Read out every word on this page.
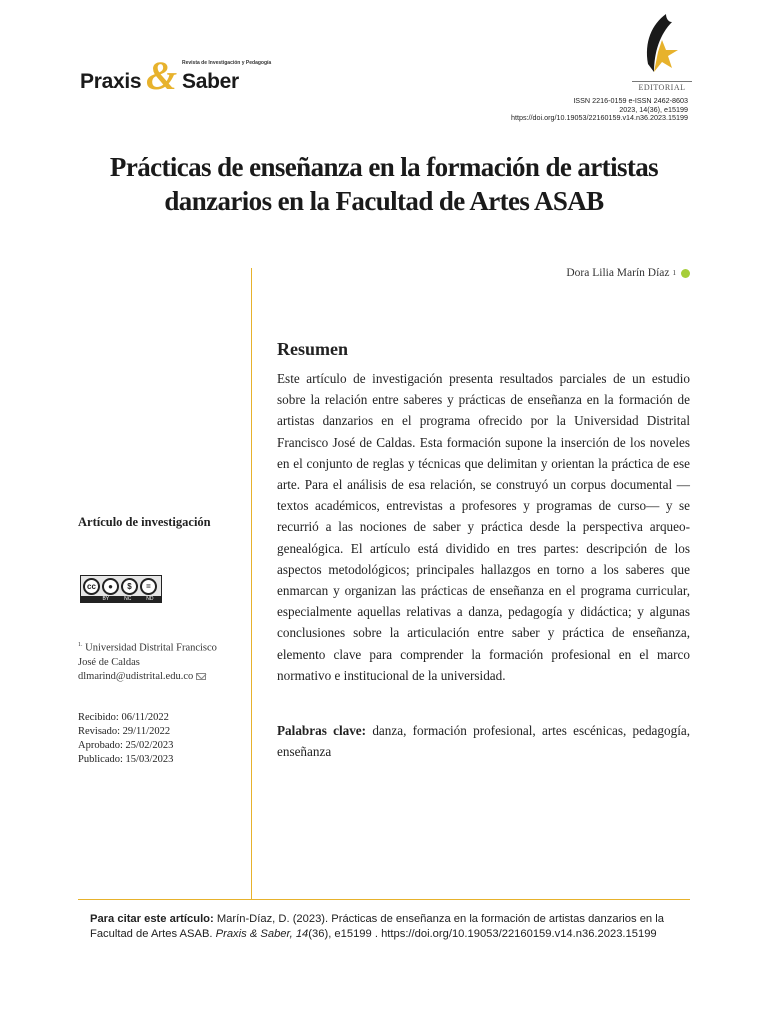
Praxis & Revista de Investigación y Pedagogía
Saber	EDITORIAL
ISSN 2216-0159 e-ISSN 2462-8603
2023, 14(36), e15199
https://doi.org/10.19053/22160159.v14.n36.2023.15199
Prácticas de enseñanza en la formación de artistas
danzarios en la Facultad de Artes ASAB
Dora Lilia Marín Díaz 1
Artículo de investigación
cc	●	$	=
BY	NC	ND
$^{1.}$ Universidad Distrital Francisco
José de Caldas
dlmarind@udistrital.edu.co
Recibido: 06/11/2022
Revisado: 29/11/2022
Aprobado: 25/02/2023
Publicado: 15/03/2023
Resumen

Este artículo de investigación presenta resultados parciales de un estudio sobre la relación entre saberes y prácticas de enseñanza en la formación de artistas danzarios en el programa ofrecido por la Universidad Distrital Francisco José de Caldas. Esta formación supone la inserción de los noveles en el conjunto de reglas y técnicas que delimitan y orientan la práctica de ese arte. Para el análisis de esa relación, se construyó un corpus documental —textos académicos, entrevistas a profesores y programas de curso— y se recurrió a las nociones de saber y práctica desde la perspectiva arqueo-genealógica. El artículo está dividido en tres partes: descripción de los aspectos metodológicos; principales hallazgos en torno a los saberes que enmarcan y organizan las prácticas de enseñanza en el programa curricular, especialmente aquellas relativas a danza, pedagogía y didáctica; y algunas conclusiones sobre la articulación entre saber y práctica de enseñanza, elemento clave para comprender la formación profesional en el marco normativo e institucional de la universidad.

Palabras clave: danza, formación profesional, artes escénicas, pedagogía, enseñanza

Para citar este artículo: Marín-Díaz, D. (2023). Prácticas de enseñanza en la formación de artistas danzarios en la Facultad de Artes ASAB. Praxis & Saber, 14(36), e15199 . https://doi.org/10.19053/22160159.v14.n36.2023.15199
